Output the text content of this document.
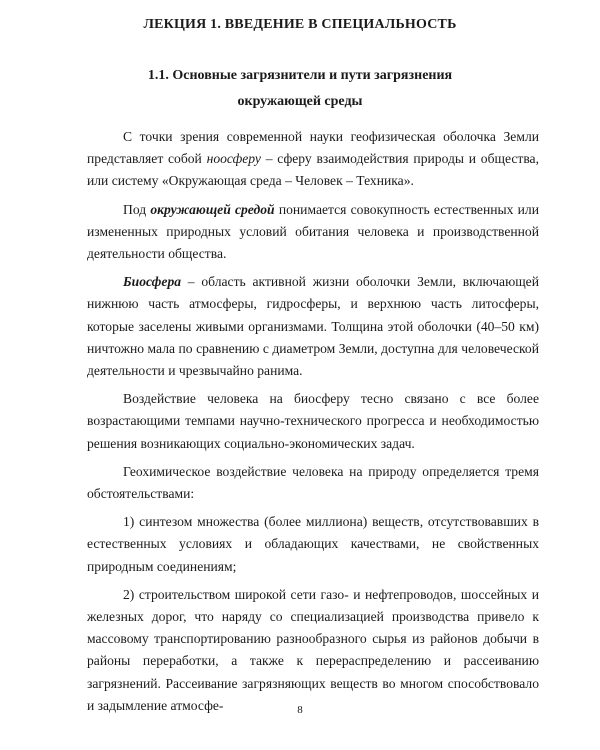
ЛЕКЦИЯ 1. ВВЕДЕНИЕ В СПЕЦИАЛЬНОСТЬ
1.1. Основные загрязнители и пути загрязнения
окружающей среды

С точки зрения современной науки геофизическая оболочка Земли представляет собой ноосферу – сферу взаимодействия природы и общества, или систему «Окружающая среда – Человек – Техника».

Под окружающей средой понимается совокупность естественных или измененных природных условий обитания человека и производственной деятельности общества.

Биосфера – область активной жизни оболочки Земли, включающей нижнюю часть атмосферы, гидросферы, и верхнюю часть литосферы, которые заселены живыми организмами. Толщина этой оболочки (40–50 км) ничтожно мала по сравнению с диаметром Земли, доступна для человеческой деятельности и чрезвычайно ранима.

Воздействие человека на биосферу тесно связано с все более возрастающими темпами научно-технического прогресса и необходимостью решения возникающих социально-экономических задач.

Геохимическое воздействие человека на природу определяется тремя обстоятельствами:

1) синтезом множества (более миллиона) веществ, отсутствовавших в естественных условиях и обладающих качествами, не свойственных природным соединениям;

2) строительством широкой сети газо- и нефтепроводов, шоссейных и железных дорог, что наряду со специализацией производства привело к массовому транспортированию разнообразного сырья из районов добычи в районы переработки, а также к перераспределению и рассеиванию загрязнений. Рассеивание загрязняющих веществ во многом способствовало и задымление атмосфе-	8
